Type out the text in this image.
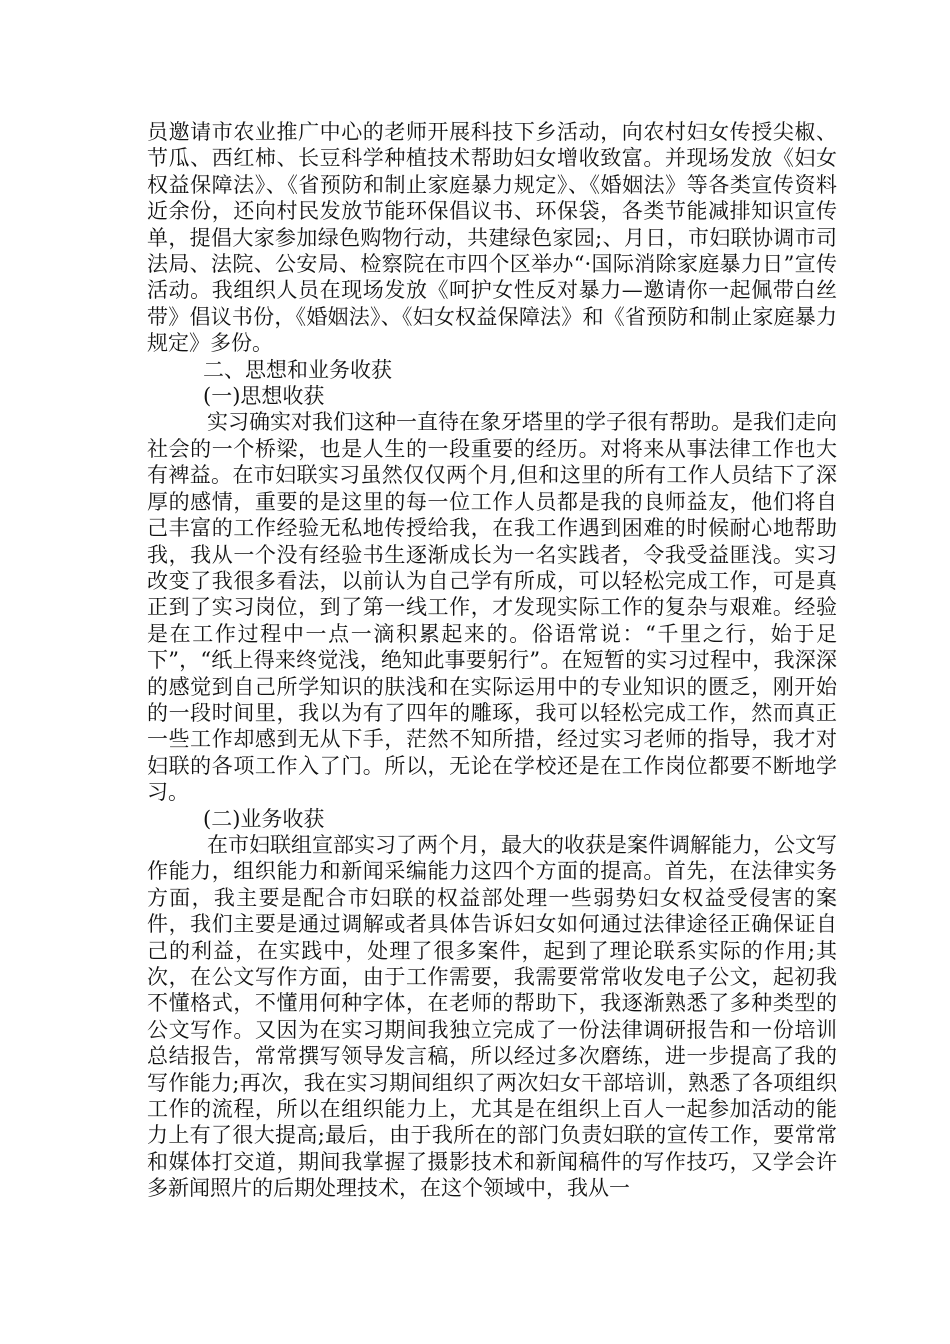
员邀请市农业推广中心的老师开展科技下乡活动，向农村妇女传授尖椒、节瓜、西红柿、长豆科学种植技术帮助妇女增收致富。并现场发放《妇女权益保障法》、《省预防和制止家庭暴力规定》、《婚姻法》等各类宣传资料近余份，还向村民发放节能环保倡议书、环保袋，各类节能减排知识宣传单，提倡大家参加绿色购物行动，共建绿色家园;、月日，市妇联协调市司法局、法院、公安局、检察院在市四个区举办“·国际消除家庭暴力日”宣传活动。我组织人员在现场发放《呵护女性反对暴力—邀请你一起佩带白丝带》倡议书份，《婚姻法》、《妇女权益保障法》和《省预防和制止家庭暴力规定》多份。

二、思想和业务收获

(一)思想收获

实习确实对我们这种一直待在象牙塔里的学子很有帮助。是我们走向社会的一个桥梁，也是人生的一段重要的经历。对将来从事法律工作也大有裨益。在市妇联实习虽然仅仅两个月,但和这里的所有工作人员结下了深厚的感情，重要的是这里的每一位工作人员都是我的良师益友，他们将自己丰富的工作经验无私地传授给我，在我工作遇到困难的时候耐心地帮助我，我从一个没有经验书生逐渐成长为一名实践者，令我受益匪浅。实习改变了我很多看法，以前认为自己学有所成，可以轻松完成工作，可是真正到了实习岗位，到了第一线工作，才发现实际工作的复杂与艰难。经验是在工作过程中一点一滴积累起来的。俗语常说：“千里之行，始于足下”，“纸上得来终觉浅，绝知此事要躬行”。在短暂的实习过程中，我深深的感觉到自己所学知识的肤浅和在实际运用中的专业知识的匮乏，刚开始的一段时间里，我以为有了四年的雕琢，我可以轻松完成工作，然而真正一些工作却感到无从下手，茫然不知所措，经过实习老师的指导，我才对妇联的各项工作入了门。所以，无论在学校还是在工作岗位都要不断地学习。

(二)业务收获

在市妇联组宣部实习了两个月，最大的收获是案件调解能力，公文写作能力，组织能力和新闻采编能力这四个方面的提高。首先，在法律实务方面，我主要是配合市妇联的权益部处理一些弱势妇女权益受侵害的案件，我们主要是通过调解或者具体告诉妇女如何通过法律途径正确保证自己的利益，在实践中，处理了很多案件，起到了理论联系实际的作用;其次，在公文写作方面，由于工作需要，我需要常常收发电子公文，起初我不懂格式，不懂用何种字体，在老师的帮助下，我逐渐熟悉了多种类型的公文写作。又因为在实习期间我独立完成了一份法律调研报告和一份培训总结报告，常常撰写领导发言稿，所以经过多次磨练，进一步提高了我的写作能力;再次，我在实习期间组织了两次妇女干部培训，熟悉了各项组织工作的流程，所以在组织能力上，尤其是在组织上百人一起参加活动的能力上有了很大提高;最后，由于我所在的部门负责妇联的宣传工作，要常常和媒体打交道，期间我掌握了摄影技术和新闻稿件的写作技巧，又学会许多新闻照片的后期处理技术，在这个领域中，我从一
